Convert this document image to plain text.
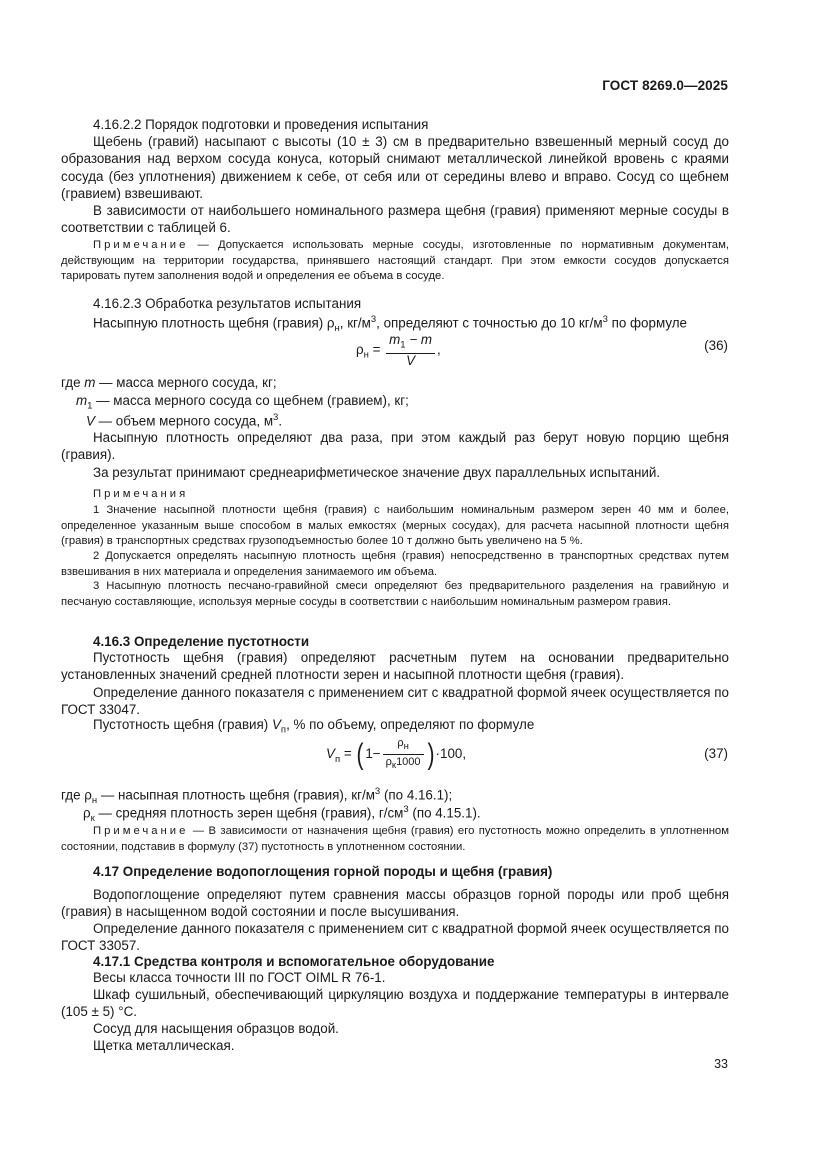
ГОСТ 8269.0—2025
4.16.2.2 Порядок подготовки и проведения испытания
Щебень (гравий) насыпают с высоты (10 ± 3) см в предварительно взвешенный мерный сосуд до образования над верхом сосуда конуса, который снимают металлической линейкой вровень с краями сосуда (без уплотнения) движением к себе, от себя или от середины влево и вправо. Сосуд со щебнем (гравием) взвешивают.
В зависимости от наибольшего номинального размера щебня (гравия) применяют мерные сосуды в соответствии с таблицей 6.
Примечание — Допускается использовать мерные сосуды, изготовленные по нормативным документам, действующим на территории государства, принявшего настоящий стандарт. При этом емкости сосудов допускается тарировать путем заполнения водой и определения ее объема в сосуде.
4.16.2.3 Обработка результатов испытания
Насыпную плотность щебня (гравия) $\rho_н$, $кг/м^3$, определяют с точностью до 10 $кг/м^3$ по формуле
$\rho_н = \frac{m_1 - m}{V}$ ,	(36)
где m — масса мерного сосуда, кг;
$m_1$ — масса мерного сосуда со щебнем (гравием), кг;
V — объем мерного сосуда, $м^3$.
Насыпную плотность определяют два раза, при этом каждый раз берут новую порцию щебня (гравия).
За результат принимают среднеарифметическое значение двух параллельных испытаний.
Примечания
1 Значение насыпной плотности щебня (гравия) с наибольшим номинальным размером зерен 40 мм и более, определенное указанным выше способом в малых емкостях (мерных сосудах), для расчета насыпной плотности щебня (гравия) в транспортных средствах грузоподъемностью более 10 т должно быть увеличено на 5 %.
2 Допускается определять насыпную плотность щебня (гравия) непосредственно в транспортных средствах путем взвешивания в них материала и определения занимаемого им объема.
3 Насыпную плотность песчано-гравийной смеси определяют без предварительного разделения на гравийную и песчаную составляющие, используя мерные сосуды в соответствии с наибольшим номинальным размером гравия.
4.16.3 Определение пустотности
Пустотность щебня (гравия) определяют расчетным путем на основании предварительно установленных значений средней плотности зерен и насыпной плотности щебня (гравия).
Определение данного показателя с применением сит с квадратной формой ячеек осуществляется по ГОСТ 33047.
Пустотность щебня (гравия) $V_п$, % по объему, определяют по формуле
$V_п$ = ( $1- \frac{\rho_н}{\rho_к1000}$ ) ·100,	(37)
где $\rho_н$ — насыпная плотность щебня (гравия), $кг/м^3$ (по 4.16.1);
$\rho_к$ — средняя плотность зерен щебня (гравия), $г/см^3$ (по 4.15.1).
Примечание — В зависимости от назначения щебня (гравия) его пустотность можно определить в уплотненном состоянии, подставив в формулу (37) пустотность в уплотненном состоянии.
4.17 Определение водопоглощения горной породы и щебня (гравия)
Водопоглощение определяют путем сравнения массы образцов горной породы или проб щебня (гравия) в насыщенном водой состоянии и после высушивания.
Определение данного показателя с применением сит с квадратной формой ячеек осуществляется по ГОСТ 33057.
4.17.1 Средства контроля и вспомогательное оборудование
Весы класса точности III по ГОСТ OIML R 76-1.
Шкаф сушильный, обеспечивающий циркуляцию воздуха и поддержание температуры в интервале (105 ± 5) °С.
Сосуд для насыщения образцов водой.
Щетка металлическая.
33
